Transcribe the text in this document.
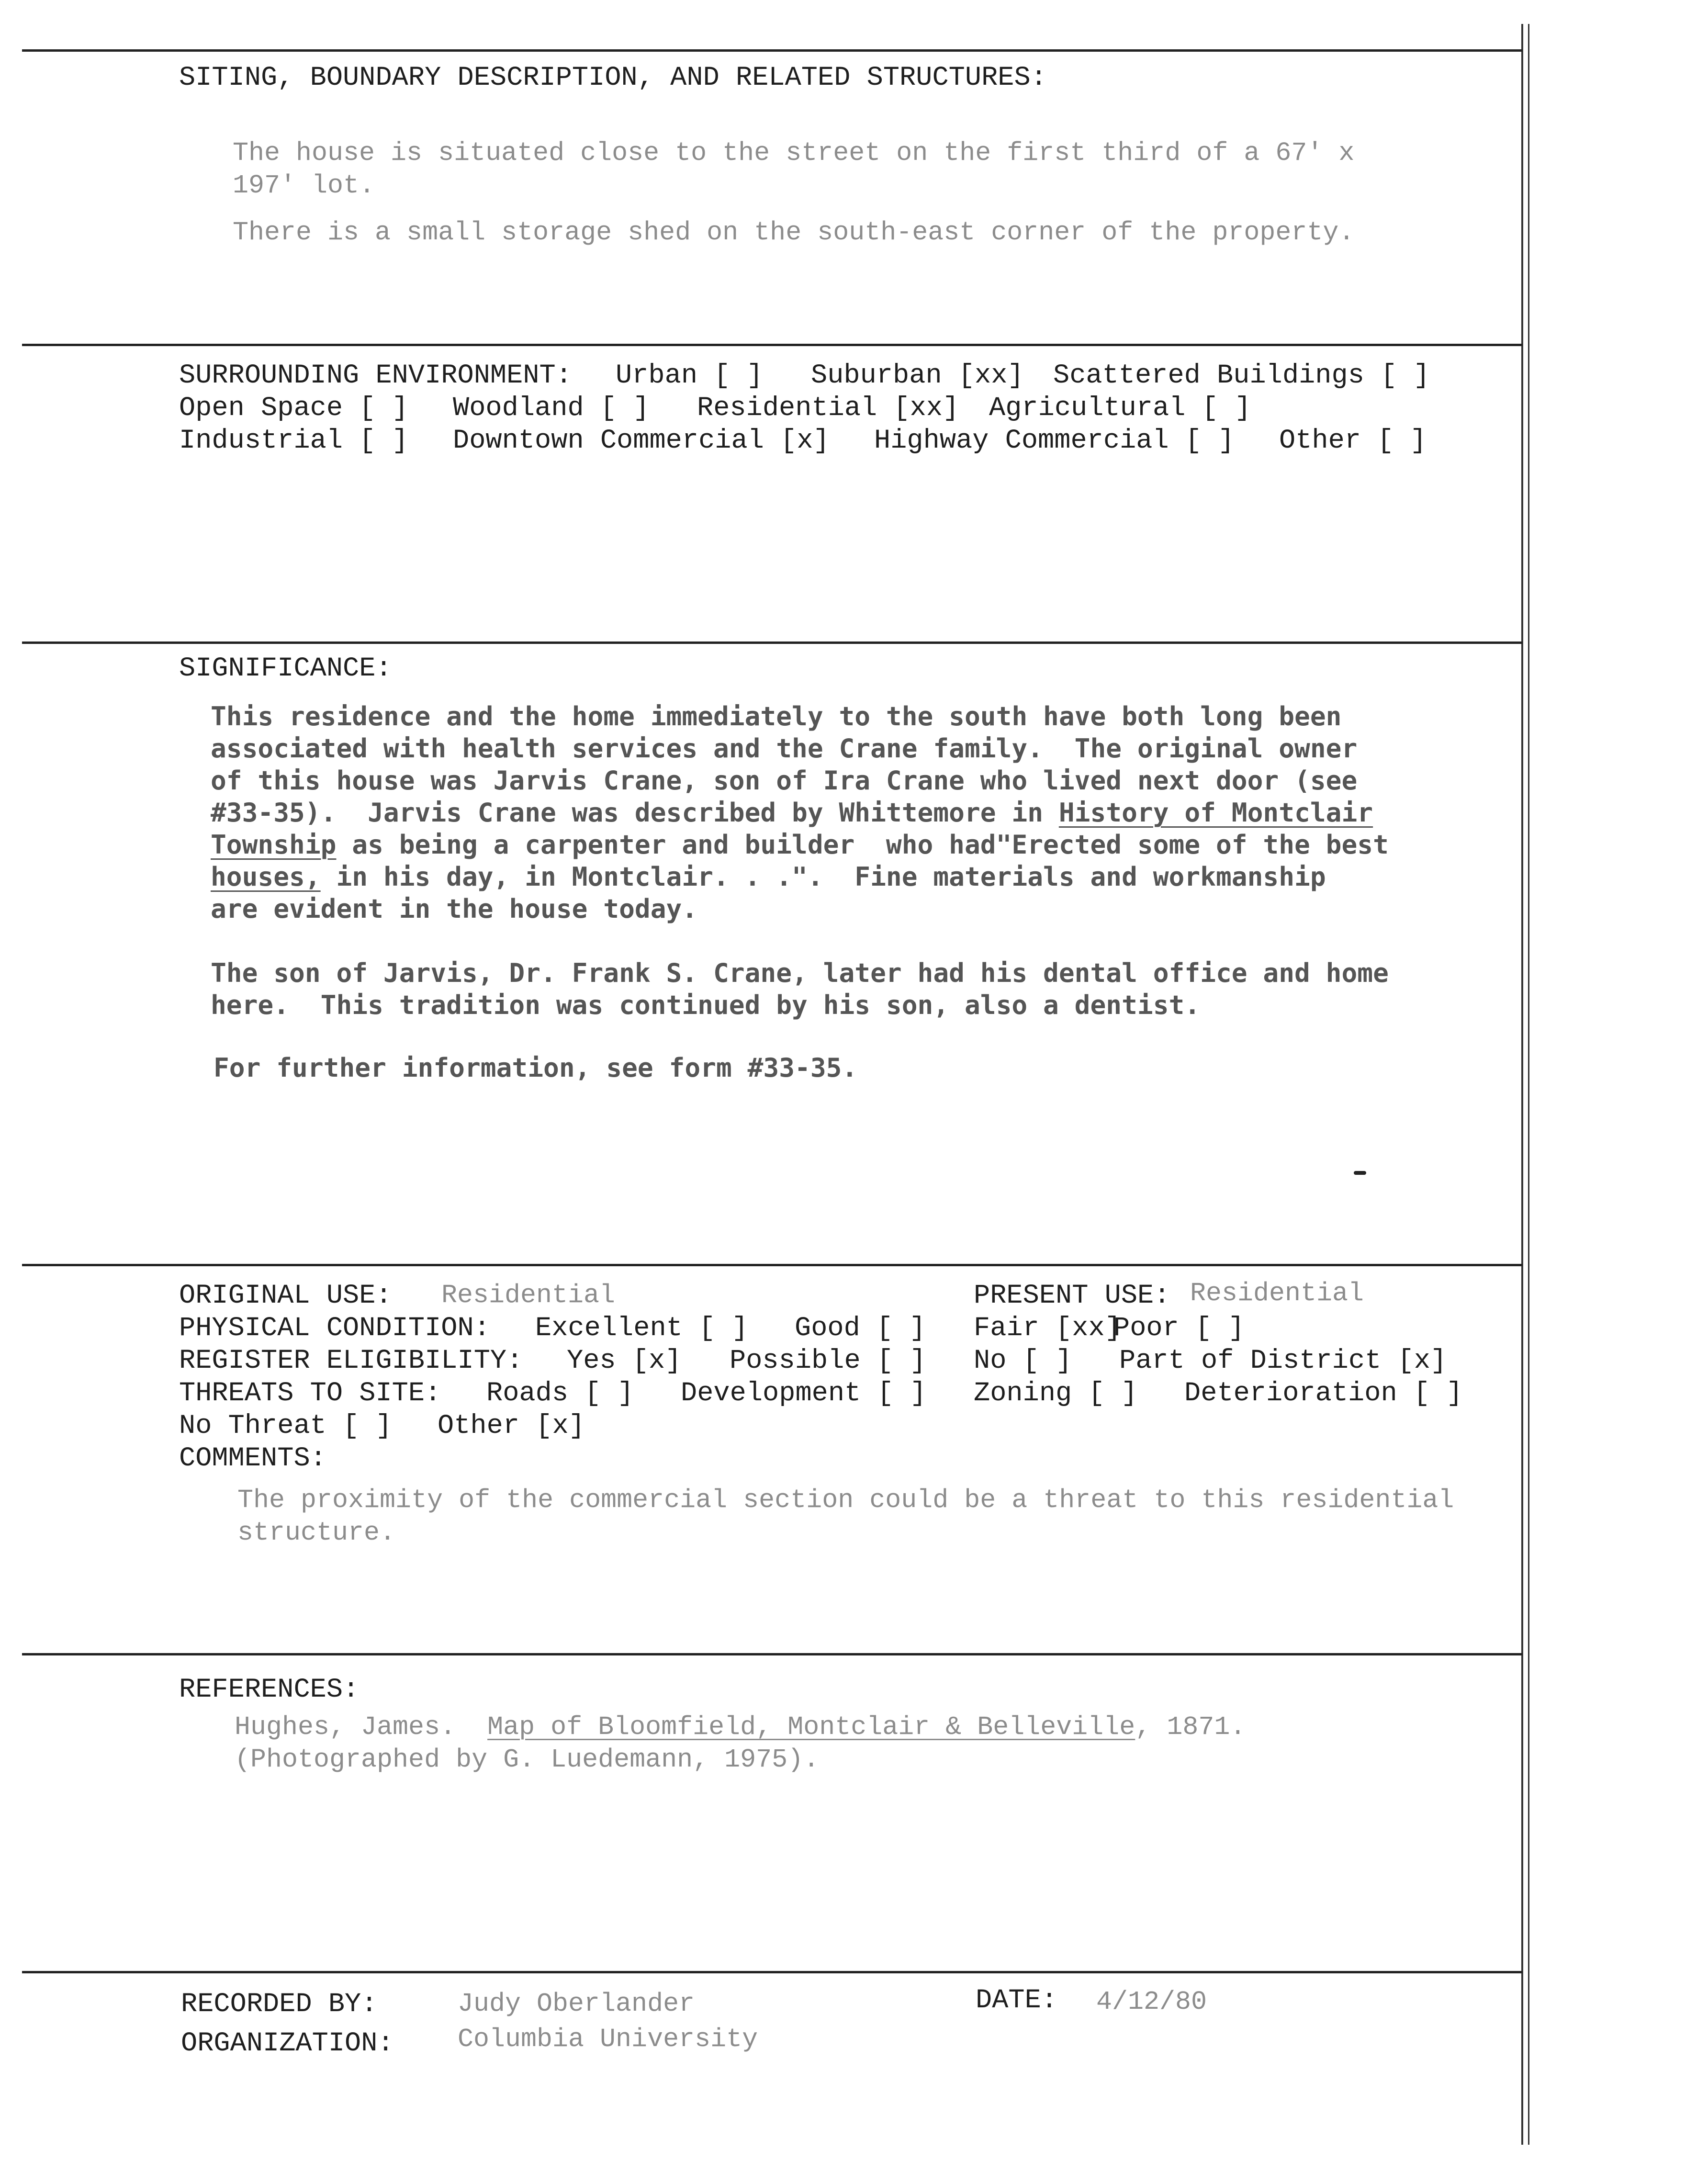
SITING, BOUNDARY DESCRIPTION, AND RELATED STRUCTURES:
The house is situated close to the street on the first third of a 67' x
197' lot.
There is a small storage shed on the south-east corner of the property.
SURROUNDING ENVIRONMENT: Urban [ ] Suburban [xx] Scattered Buildings [ ]
Open Space [ ] Woodland [ ] Residential [xx] Agricultural [ ]
Industrial [ ] Downtown Commercial [x] Highway Commercial [ ] Other [ ]
SIGNIFICANCE:
This residence and the home immediately to the south have both long been
associated with health services and the Crane family.  The original owner
of this house was Jarvis Crane, son of Ira Crane who lived next door (see
#33-35).  Jarvis Crane was described by Whittemore in History of Montclair
Township as being a carpenter and builder  who had"Erected some of the best
houses, in his day, in Montclair. . .".  Fine materials and workmanship
are evident in the house today.
The son of Jarvis, Dr. Frank S. Crane, later had his dental office and home
here.  This tradition was continued by his son, also a dentist.
For further information, see form #33-35.
ORIGINAL USE: Residential	PRESENT USE: Residential
PHYSICAL CONDITION: Excellent [ ] Good [ ] Fair [xx]
Poor [ ]
REGISTER ELIGIBILITY: Yes [x] Possible [ ] No [ ] Part of District [x]
THREATS TO SITE: Roads [ ] Development [ ] Zoning [ ] Deterioration [ ]
No Threat [ ] Other [x]
COMMENTS:
The proximity of the commercial section could be a threat to this residential
structure.
REFERENCES:
Hughes, James.  Map of Bloomfield, Montclair & Belleville, 1871.
(Photographed by G. Luedemann, 1975).
RECORDED BY:	Judy Oberlander	DATE: 4/12/80
ORGANIZATION: Columbia University
